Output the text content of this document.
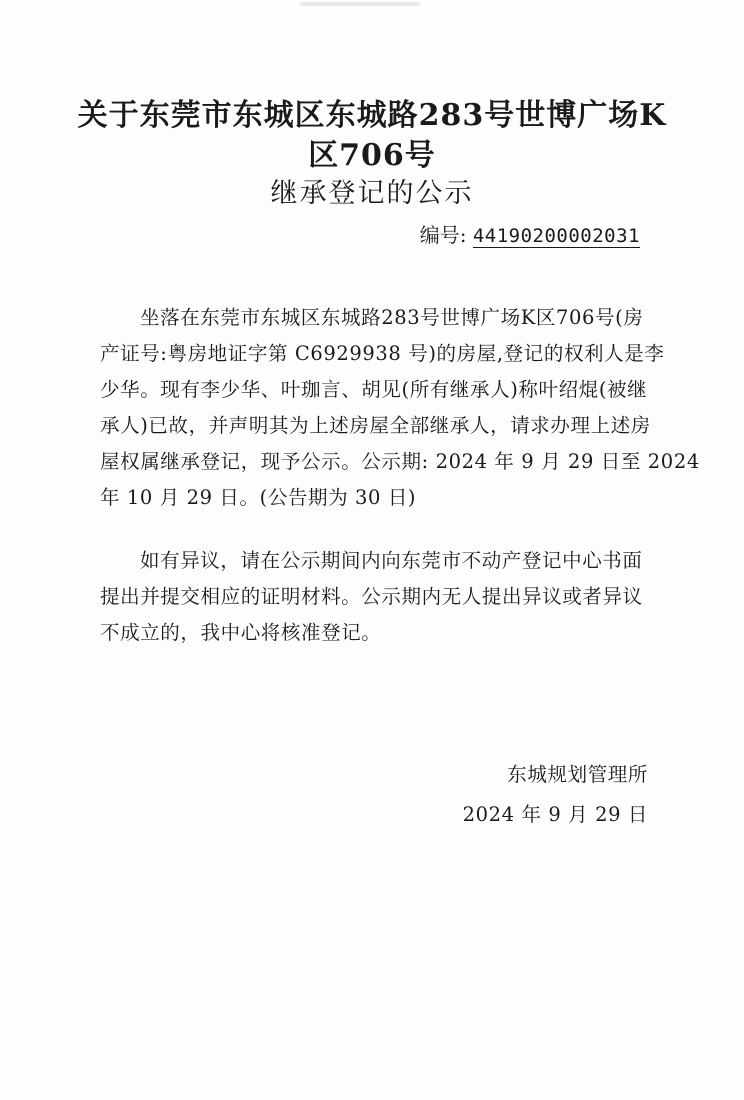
关于东莞市东城区东城路283号世博广场K
区706号
继承登记的公示
编号: 44190200002031
坐落在东莞市东城区东城路283号世博广场K区706号(房
产证号:粤房地证字第 C6929938 号)的房屋,登记的权利人是李
少华。现有李少华、叶珈言、胡见(所有继承人)称叶绍焜(被继
承人)已故，并声明其为上述房屋全部继承人，请求办理上述房
屋权属继承登记，现予公示。公示期: 2024 年 9 月 29 日至 2024
年 10 月 29 日。(公告期为 30 日)
如有异议，请在公示期间内向东莞市不动产登记中心书面
提出并提交相应的证明材料。公示期内无人提出异议或者异议
不成立的，我中心将核准登记。
东城规划管理所
2024 年 9 月 29 日
